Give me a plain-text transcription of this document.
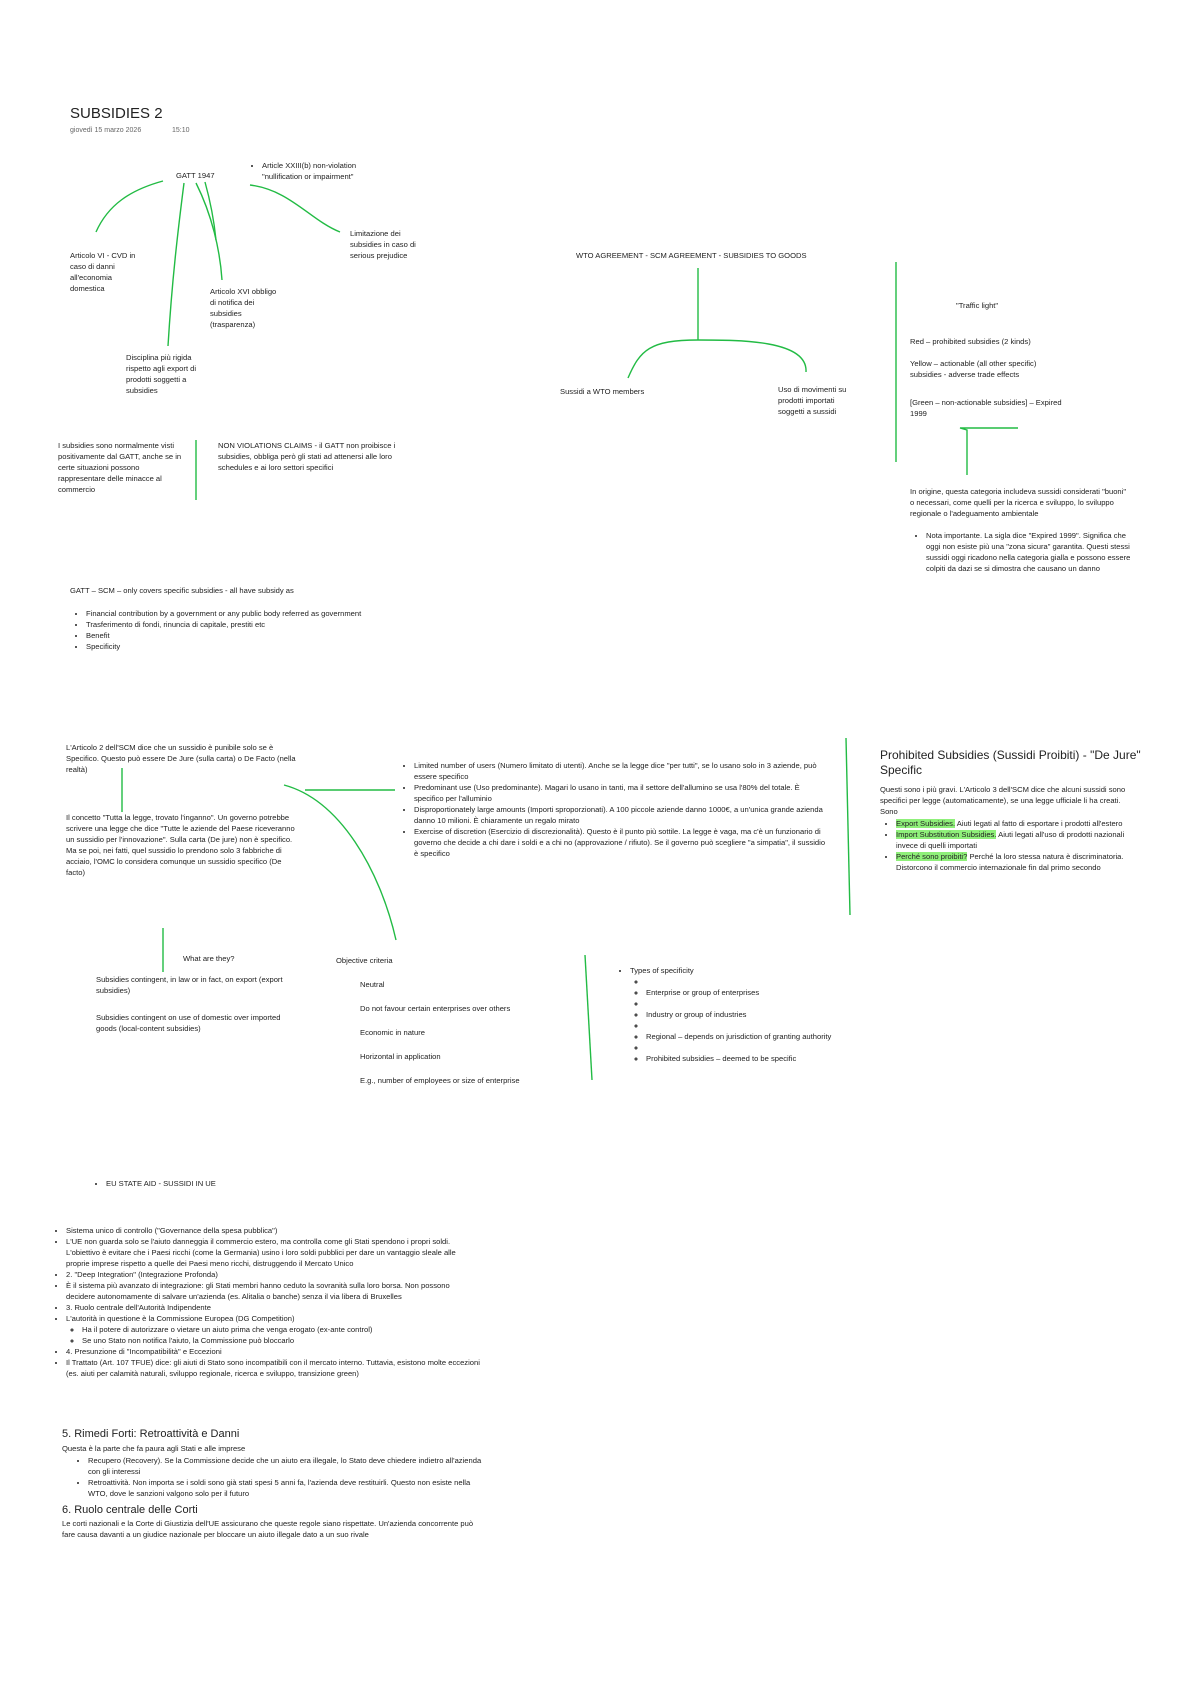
SUBSIDIES 2
giovedì 15 marzo 2026	15:10
GATT 1947
• Article XXIII(b) non-violation "nullification or impairment"
Articolo VI - CVD in caso di danni all'economia domestica	Articolo XVI obbligo di notifica dei subsidies (trasparenza)
Limitazione dei subsidies in caso di serious prejudice
Disciplina più rigida rispetto agli export di prodotti soggetti a subsidies
I subsidies sono normalmente visti positivamente dal GATT, anche se in certe situazioni possono rappresentare delle minacce al commercio
NON VIOLATIONS CLAIMS - il GATT non proibisce i subsidies, obbliga però gli stati ad attenersi alle loro schedules e ai loro settori specifici
WTO AGREEMENT - SCM AGREEMENT - SUBSIDIES TO GOODS
Sussidi a WTO members	Uso di movimenti su prodotti importati soggetti a sussidi
"Traffic light"
Red – prohibited subsidies (2 kinds)
Yellow – actionable (all other specific) subsidies - adverse trade effects
[Green – non-actionable subsidies] – Expired 1999
In origine, questa categoria includeva sussidi considerati "buoni" o necessari, come quelli per la ricerca e sviluppo, lo sviluppo regionale o l'adeguamento ambientale
• Nota importante. La sigla dice "Expired 1999". Significa che oggi non esiste più una "zona sicura" garantita. Questi stessi sussidi oggi ricadono nella categoria gialla e possono essere colpiti da dazi se si dimostra che causano un danno
GATT – SCM – only covers specific subsidies - all have subsidy as
• Financial contribution by a government or any public body referred as government
• Trasferimento di fondi, rinuncia di capitale, prestiti etc
• Benefit
• Specificity
L'Articolo 2 dell'SCM dice che un sussidio è punibile solo se è Specifico. Questo può essere De Jure (sulla carta) o De Facto (nella realtà)
Il concetto "Tutta la legge, trovato l'inganno". Un governo potrebbe scrivere una legge che dice "Tutte le aziende del Paese riceveranno un sussidio per l'innovazione". Sulla carta (De jure) non è specifico. Ma se poi, nei fatti, quel sussidio lo prendono solo 3 fabbriche di acciaio, l'OMC lo considera comunque un sussidio specifico (De facto)
• Limited number of users (Numero limitato di utenti). Anche se la legge dice "per tutti", se lo usano solo in 3 aziende, può essere specifico
• Predominant use (Uso predominante). Magari lo usano in tanti, ma il settore dell'allumino se usa l'80% del totale. È specifico per l'alluminio
• Disproportionately large amounts (Importi sproporzionati). A 100 piccole aziende danno 1000€, a un'unica grande azienda danno 10 milioni. È chiaramente un regalo mirato
• Exercise of discretion (Esercizio di discrezionalità). Questo è il punto più sottile. La legge è vaga, ma c'è un funzionario di governo che decide a chi dare i soldi e a chi no (approvazione / rifiuto). Se il governo può scegliere "a simpatia", il sussidio è specifico
Prohibited Subsidies (Sussidi Proibiti) - "De Jure" Specific
Questi sono i più gravi. L'Articolo 3 dell'SCM dice che alcuni sussidi sono specifici per legge (automaticamente), se una legge ufficiale li ha creati. Sono
• Export Subsidies. Aiuti legati al fatto di esportare i prodotti all'estero
• Import Substitution Subsidies. Aiuti legati all'uso di prodotti nazionali invece di quelli importati
• Perché sono proibiti? Perché la loro stessa natura è discriminatoria. Distorcono il commercio internazionale fin dal primo secondo
What are they?
Subsidies contingent, in law or in fact, on export (export subsidies)
Subsidies contingent on use of domestic over imported goods (local-content subsidies)
Objective criteria
Neutral
Do not favour certain enterprises over others
Economic in nature
Horizontal in application
E.g., number of employees or size of enterprise
• Types of specificity
◦
◦ Enterprise or group of enterprises
◦
◦ Industry or group of industries
◦
◦ Regional – depends on jurisdiction of granting authority
◦
◦ Prohibited subsidies – deemed to be specific
• EU STATE AID - SUSSIDI IN UE
• Sistema unico di controllo ("Governance della spesa pubblica")
• L'UE non guarda solo se l'aiuto danneggia il commercio estero, ma controlla come gli Stati spendono i propri soldi. L'obiettivo è evitare che i Paesi ricchi (come la Germania) usino i loro soldi pubblici per dare un vantaggio sleale alle proprie imprese rispetto a quelle dei Paesi meno ricchi, distruggendo il Mercato Unico
• 2. "Deep Integration" (Integrazione Profonda)
• È il sistema più avanzato di integrazione: gli Stati membri hanno ceduto la sovranità sulla loro borsa. Non possono decidere autonomamente di salvare un'azienda (es. Alitalia o banche) senza il via libera di Bruxelles
• 3. Ruolo centrale dell'Autorità Indipendente
• L'autorità in questione è la Commissione Europea (DG Competition)
◦ Ha il potere di autorizzare o vietare un aiuto prima che venga erogato (ex-ante control)
◦ Se uno Stato non notifica l'aiuto, la Commissione può bloccarlo
• 4. Presunzione di "Incompatibilità" e Eccezioni
• Il Trattato (Art. 107 TFUE) dice: gli aiuti di Stato sono incompatibili con il mercato interno. Tuttavia, esistono molte eccezioni (es. aiuti per calamità naturali, sviluppo regionale, ricerca e sviluppo, transizione green)
5. Rimedi Forti: Retroattività e Danni
Questa è la parte che fa paura agli Stati e alle imprese
• Recupero (Recovery). Se la Commissione decide che un aiuto era illegale, lo Stato deve chiedere indietro all'azienda con gli interessi
• Retroattività. Non importa se i soldi sono già stati spesi 5 anni fa, l'azienda deve restituirli. Questo non esiste nella WTO, dove le sanzioni valgono solo per il futuro
6. Ruolo centrale delle Corti
Le corti nazionali e la Corte di Giustizia dell'UE assicurano che queste regole siano rispettate. Un'azienda concorrente può fare causa davanti a un giudice nazionale per bloccare un aiuto illegale dato a un suo rivale
